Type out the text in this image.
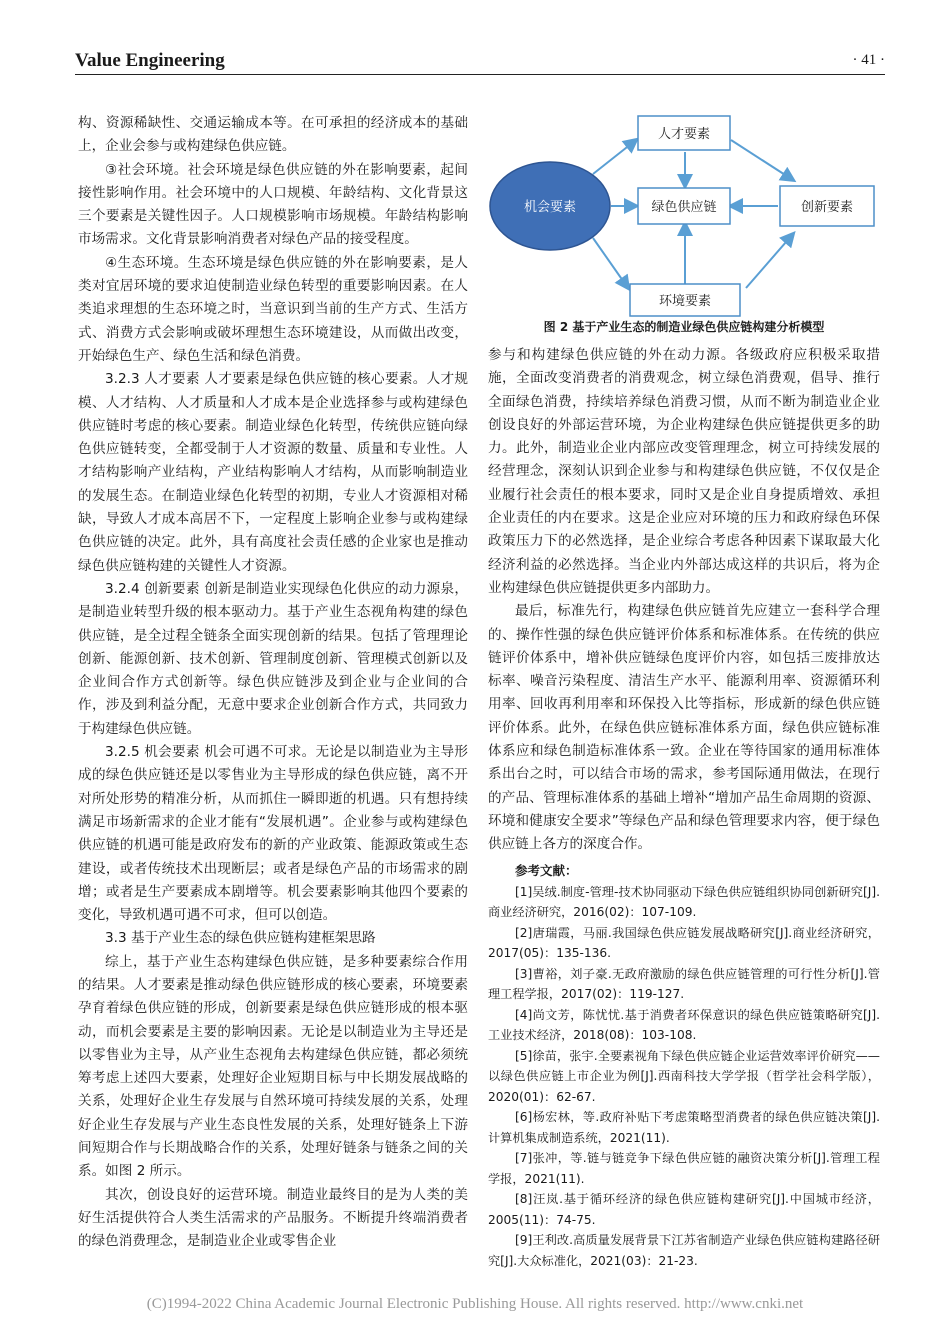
Value Engineering	· 41 ·

构、资源稀缺性、交通运输成本等。在可承担的经济成本的基础上，企业会参与或构建绿色供应链。

③社会环境。社会环境是绿色供应链的外在影响要素，起间接性影响作用。社会环境中的人口规模、年龄结构、文化背景这三个要素是关键性因子。人口规模影响市场规模。年龄结构影响市场需求。文化背景影响消费者对绿色产品的接受程度。

④生态环境。生态环境是绿色供应链的外在影响要素，是人类对宜居环境的要求迫使制造业绿色转型的重要影响因素。在人类追求理想的生态环境之时，当意识到当前的生产方式、生活方式、消费方式会影响或破坏理想生态环境建设，从而做出改变，开始绿色生产、绿色生活和绿色消费。

3.2.3 人才要素 人才要素是绿色供应链的核心要素。人才规模、人才结构、人才质量和人才成本是企业选择参与或构建绿色供应链时考虑的核心要素。制造业绿色化转型，传统供应链向绿色供应链转变，全都受制于人才资源的数量、质量和专业性。人才结构影响产业结构，产业结构影响人才结构，从而影响制造业的发展生态。在制造业绿色化转型的初期，专业人才资源相对稀缺，导致人才成本高居不下，一定程度上影响企业参与或构建绿色供应链的决定。此外，具有高度社会责任感的企业家也是推动绿色供应链构建的关键性人才资源。

3.2.4 创新要素 创新是制造业实现绿色化供应的动力源泉，是制造业转型升级的根本驱动力。基于产业生态视角构建的绿色供应链，是全过程全链条全面实现创新的结果。包括了管理理论创新、能源创新、技术创新、管理制度创新、管理模式创新以及企业间合作方式创新等。绿色供应链涉及到企业与企业间的合作，涉及到利益分配，无意中要求企业创新合作方式，共同致力于构建绿色供应链。

3.2.5 机会要素 机会可遇不可求。无论是以制造业为主导形成的绿色供应链还是以零售业为主导形成的绿色供应链，离不开对所处形势的精准分析，从而抓住一瞬即逝的机遇。只有想持续满足市场新需求的企业才能有“发展机遇”。企业参与或构建绿色供应链的机遇可能是政府发布的新的产业政策、能源政策或生态建设，或者传统技术出现断层；或者是绿色产品的市场需求的剧增；或者是生产要素成本剧增等。机会要素影响其他四个要素的变化，导致机遇可遇不可求，但可以创造。

3.3 基于产业生态的绿色供应链构建框架思路

综上，基于产业生态构建绿色供应链，是多种要素综合作用的结果。人才要素是推动绿色供应链形成的核心要素，环境要素孕育着绿色供应链的形成，创新要素是绿色供应链形成的根本驱动，而机会要素是主要的影响因素。无论是以制造业为主导还是以零售业为主导，从产业生态视角去构建绿色供应链，都必须统筹考虑上述四大要素，处理好企业短期目标与中长期发展战略的关系，处理好企业生存发展与自然环境可持续发展的关系，处理好企业生存发展与产业生态良性发展的关系，处理好链条上下游间短期合作与长期战略合作的关系，处理好链条与链条之间的关系。如图 2 所示。

其次，创设良好的运营环境。制造业最终目的是为人类的美好生活提供符合人类生活需求的产品服务。不断提升终端消费者的绿色消费理念，是制造业企业或零售企业

机会要素
人才要素
绿色供应链	创新要素
环境要素
图 2 基于产业生态的制造业绿色供应链构建分析模型

参与和构建绿色供应链的外在动力源。各级政府应积极采取措施，全面改变消费者的消费观念，树立绿色消费观，倡导、推行全面绿色消费，持续培养绿色消费习惯，从而不断为制造业企业创设良好的外部运营环境，为企业构建绿色供应链提供更多的助力。此外，制造业企业内部应改变管理理念，树立可持续发展的经营理念，深刻认识到企业参与和构建绿色供应链，不仅仅是企业履行社会责任的根本要求，同时又是企业自身提质增效、承担企业责任的内在要求。这是企业应对环境的压力和政府绿色环保政策压力下的必然选择，是企业综合考虑各种因素下谋取最大化经济利益的必然选择。当企业内外部达成这样的共识后，将为企业构建绿色供应链提供更多内部助力。

最后，标准先行，构建绿色供应链首先应建立一套科学合理的、操作性强的绿色供应链评价体系和标准体系。在传统的供应链评价体系中，增补供应链绿色度评价内容，如包括三废排放达标率、噪音污染程度、清洁生产水平、能源利用率、资源循环利用率、回收再利用率和环保投入比等指标，形成新的绿色供应链评价体系。此外，在绿色供应链标准体系方面，绿色供应链标准体系应和绿色制造标准体系一致。企业在等待国家的通用标准体系出台之时，可以结合市场的需求，参考国际通用做法，在现行的产品、管理标准体系的基础上增补“增加产品生命周期的资源、环境和健康安全要求”等绿色产品和绿色管理要求内容，便于绿色供应链上各方的深度合作。

参考文献：

[1]吴绒.制度-管理-技术协同驱动下绿色供应链组织协同创新研究[J].商业经济研究，2016(02)：107-109.

[2]唐瑞霞，马丽.我国绿色供应链发展战略研究[J].商业经济研究，2017(05)：135-136.

[3]曹裕，刘子豪.无政府激励的绿色供应链管理的可行性分析[J].管理工程学报，2017(02)：119-127.

[4]尚文芳，陈忧忧.基于消费者环保意识的绿色供应链策略研究[J].工业技术经济，2018(08)：103-108.

[5]徐苗，张宇.全要素视角下绿色供应链企业运营效率评价研究——以绿色供应链上市企业为例[J].西南科技大学学报（哲学社会科学版），2020(01)：62-67.

[6]杨宏林，等.政府补贴下考虑策略型消费者的绿色供应链决策[J].计算机集成制造系统，2021(11).

[7]张冲，等.链与链竞争下绿色供应链的融资决策分析[J].管理工程学报，2021(11).

[8]汪岚.基于循环经济的绿色供应链构建研究[J].中国城市经济，2005(11)：74-75.

[9]王利改.高质量发展背景下江苏省制造产业绿色供应链构建路径研究[J].大众标准化，2021(03)：21-23.

(C)1994-2022 China Academic Journal Electronic Publishing House. All rights reserved. http://www.cnki.net
